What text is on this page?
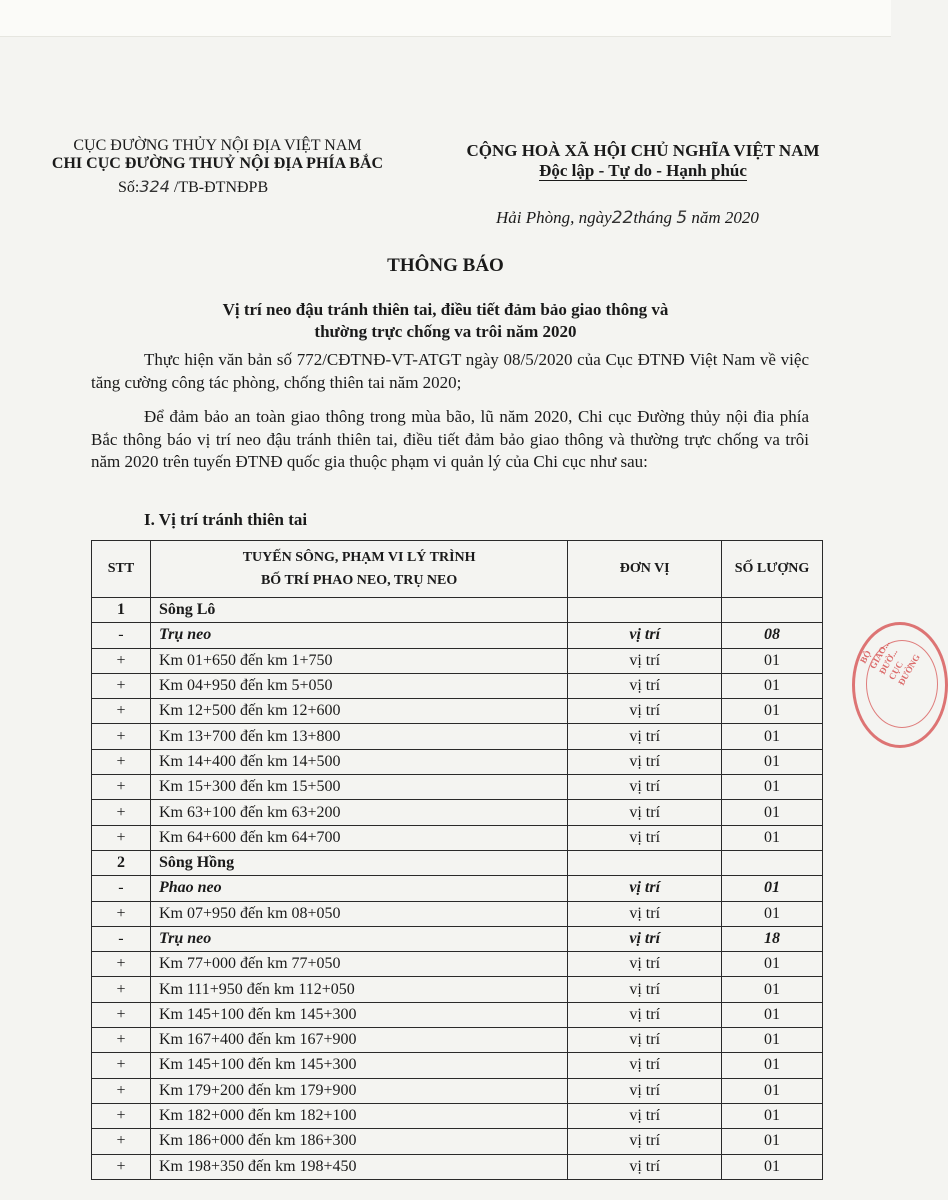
CỤC ĐƯỜNG THỦY NỘI ĐỊA VIỆT NAM
CHI CỤC ĐƯỜNG THUỶ NỘI ĐỊA PHÍA BẮC
Số:324 /TB-ĐTNĐPB
CỘNG HOÀ XÃ HỘI CHỦ NGHĨA VIỆT NAM
Độc lập - Tự do - Hạnh phúc
Hải Phòng, ngày22tháng 5 năm 2020
THÔNG BÁO
Vị trí neo đậu tránh thiên tai, điều tiết đảm bảo giao thông và
thường trực chống va trôi năm 2020
Thực hiện văn bản số 772/CĐTNĐ-VT-ATGT ngày 08/5/2020 của Cục ĐTNĐ Việt Nam về việc tăng cường công tác phòng, chống thiên tai năm 2020;
Để đảm bảo an toàn giao thông trong mùa bão, lũ năm 2020, Chi cục Đường thủy nội đia phía Bắc thông báo vị trí neo đậu tránh thiên tai, điều tiết đảm bảo giao thông và thường trực chống va trôi năm 2020 trên tuyến ĐTNĐ quốc gia thuộc phạm vi quản lý của Chi cục như sau:
I. Vị trí tránh thiên tai
STT	TUYẾN SÔNG, PHẠM VI LÝ TRÌNH
BỐ TRÍ PHAO NEO, TRỤ NEO	ĐƠN VỊ	SỐ LƯỢNG
1	Sông Lô		
-	Trụ neo	vị trí	08
+	Km 01+650 đến km 1+750	vị trí	01
+	Km 04+950 đến km 5+050	vị trí	01
+	Km 12+500 đến km 12+600	vị trí	01
+	Km 13+700 đến km 13+800	vị trí	01
+	Km 14+400 đến km 14+500	vị trí	01
+	Km 15+300 đến km 15+500	vị trí	01
+	Km 63+100 đến km 63+200	vị trí	01
+	Km 64+600 đến km 64+700	vị trí	01
2	Sông Hồng		
-	Phao neo	vị trí	01
+	Km 07+950 đến km 08+050	vị trí	01
-	Trụ neo	vị trí	18
+	Km 77+000 đến km 77+050	vị trí	01
+	Km 111+950 đến km 112+050	vị trí	01
+	Km 145+100 đến km 145+300	vị trí	01
+	Km 167+400 đến km 167+900	vị trí	01
+	Km 145+100 đến km 145+300	vị trí	01
+	Km 179+200 đến km 179+900	vị trí	01
+	Km 182+000 đến km 182+100	vị trí	01
+	Km 186+000 đến km 186+300	vị trí	01
+	Km 198+350 đến km 198+450	vị trí	01
BỘ GIAO... ĐƯỜ... CỤC ĐƯỜNG
